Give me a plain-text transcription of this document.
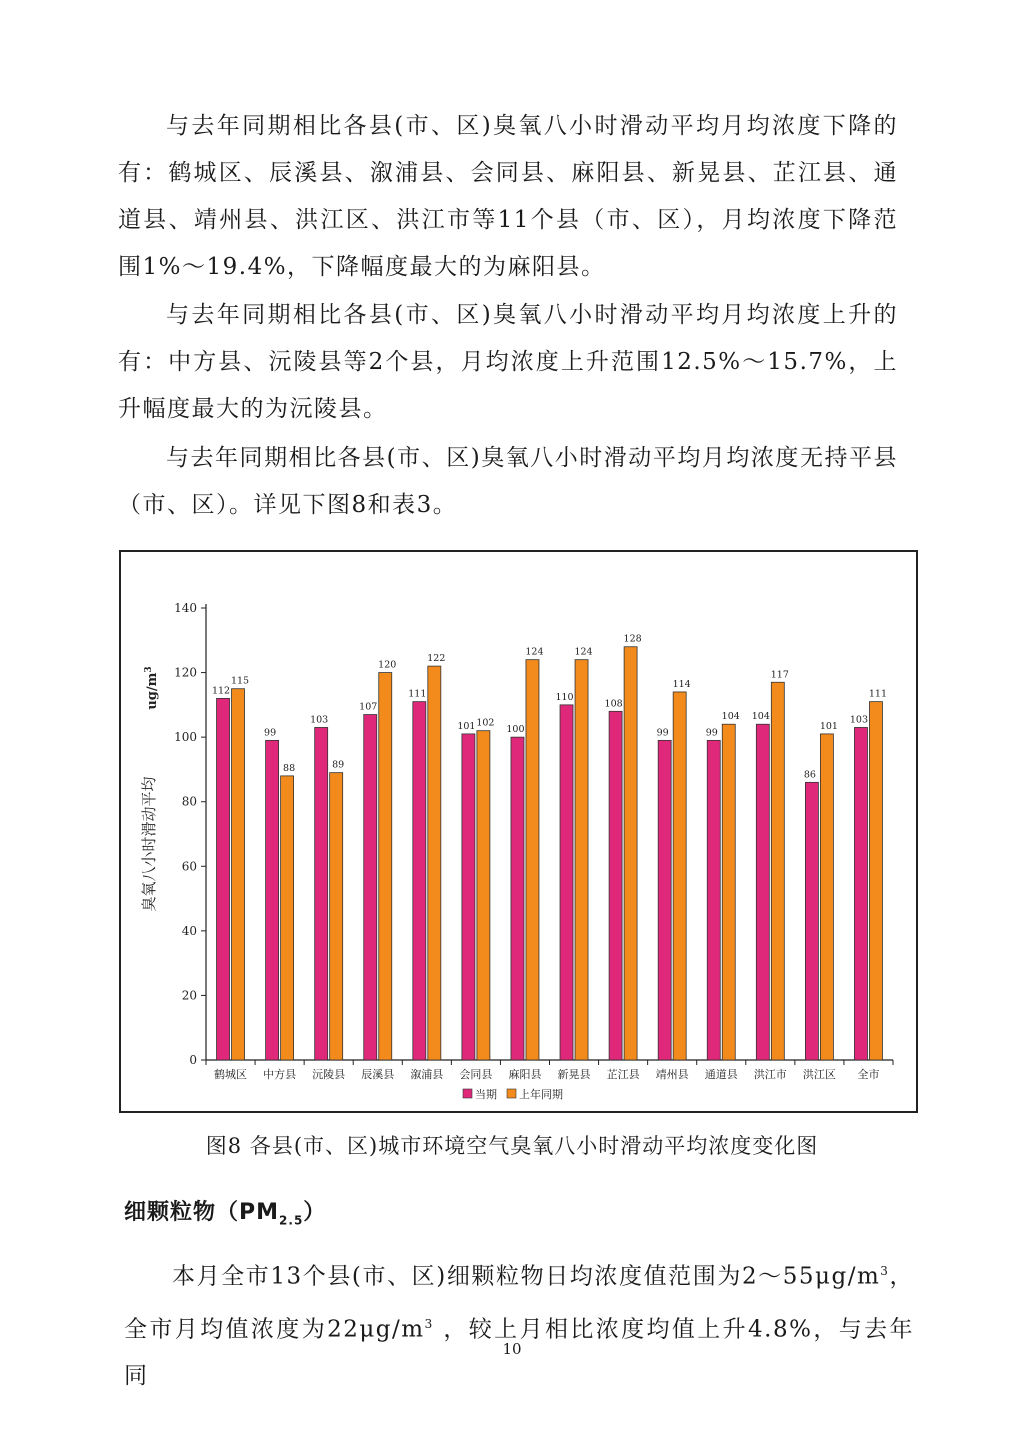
与去年同期相比各县(市、区)臭氧八小时滑动平均月均浓度下降的有：鹤城区、辰溪县、溆浦县、会同县、麻阳县、新晃县、芷江县、通道县、靖州县、洪江区、洪江市等11个县（市、区），月均浓度下降范围1%～19.4%，下降幅度最大的为麻阳县。

与去年同期相比各县(市、区)臭氧八小时滑动平均月均浓度上升的有：中方县、沅陵县等2个县，月均浓度上升范围12.5%～15.7%，上升幅度最大的为沅陵县。

与去年同期相比各县(市、区)臭氧八小时滑动平均月均浓度无持平县（市、区）。详见下图8和表3。

0
20
40
60
80
100
120
140
臭氧八小时滑动平均
$ug/m^3$
鹤城区
112
115
中方县
99
88
沅陵县
103
89
辰溪县
107
120
溆浦县
111
122
会同县
101 102
麻阳县
100
124
新晃县
110
124
芷江县
108
128
靖州县
99
114
通道县
99
104
洪江市
104
117
洪江区
86
101
全市
103
111
当期 上年同期
图8 各县(市、区)城市环境空气臭氧八小时滑动平均浓度变化图
细颗粒物$(PM_{2.5})$

本月全市13个县(市、区)细颗粒物日均浓度值范围为$2\sim 55\mu g/m^3$，全市月均值浓度为$22\mu g/m^3$ ，较上月相比浓度均值上升4.8%，与去年同

10
